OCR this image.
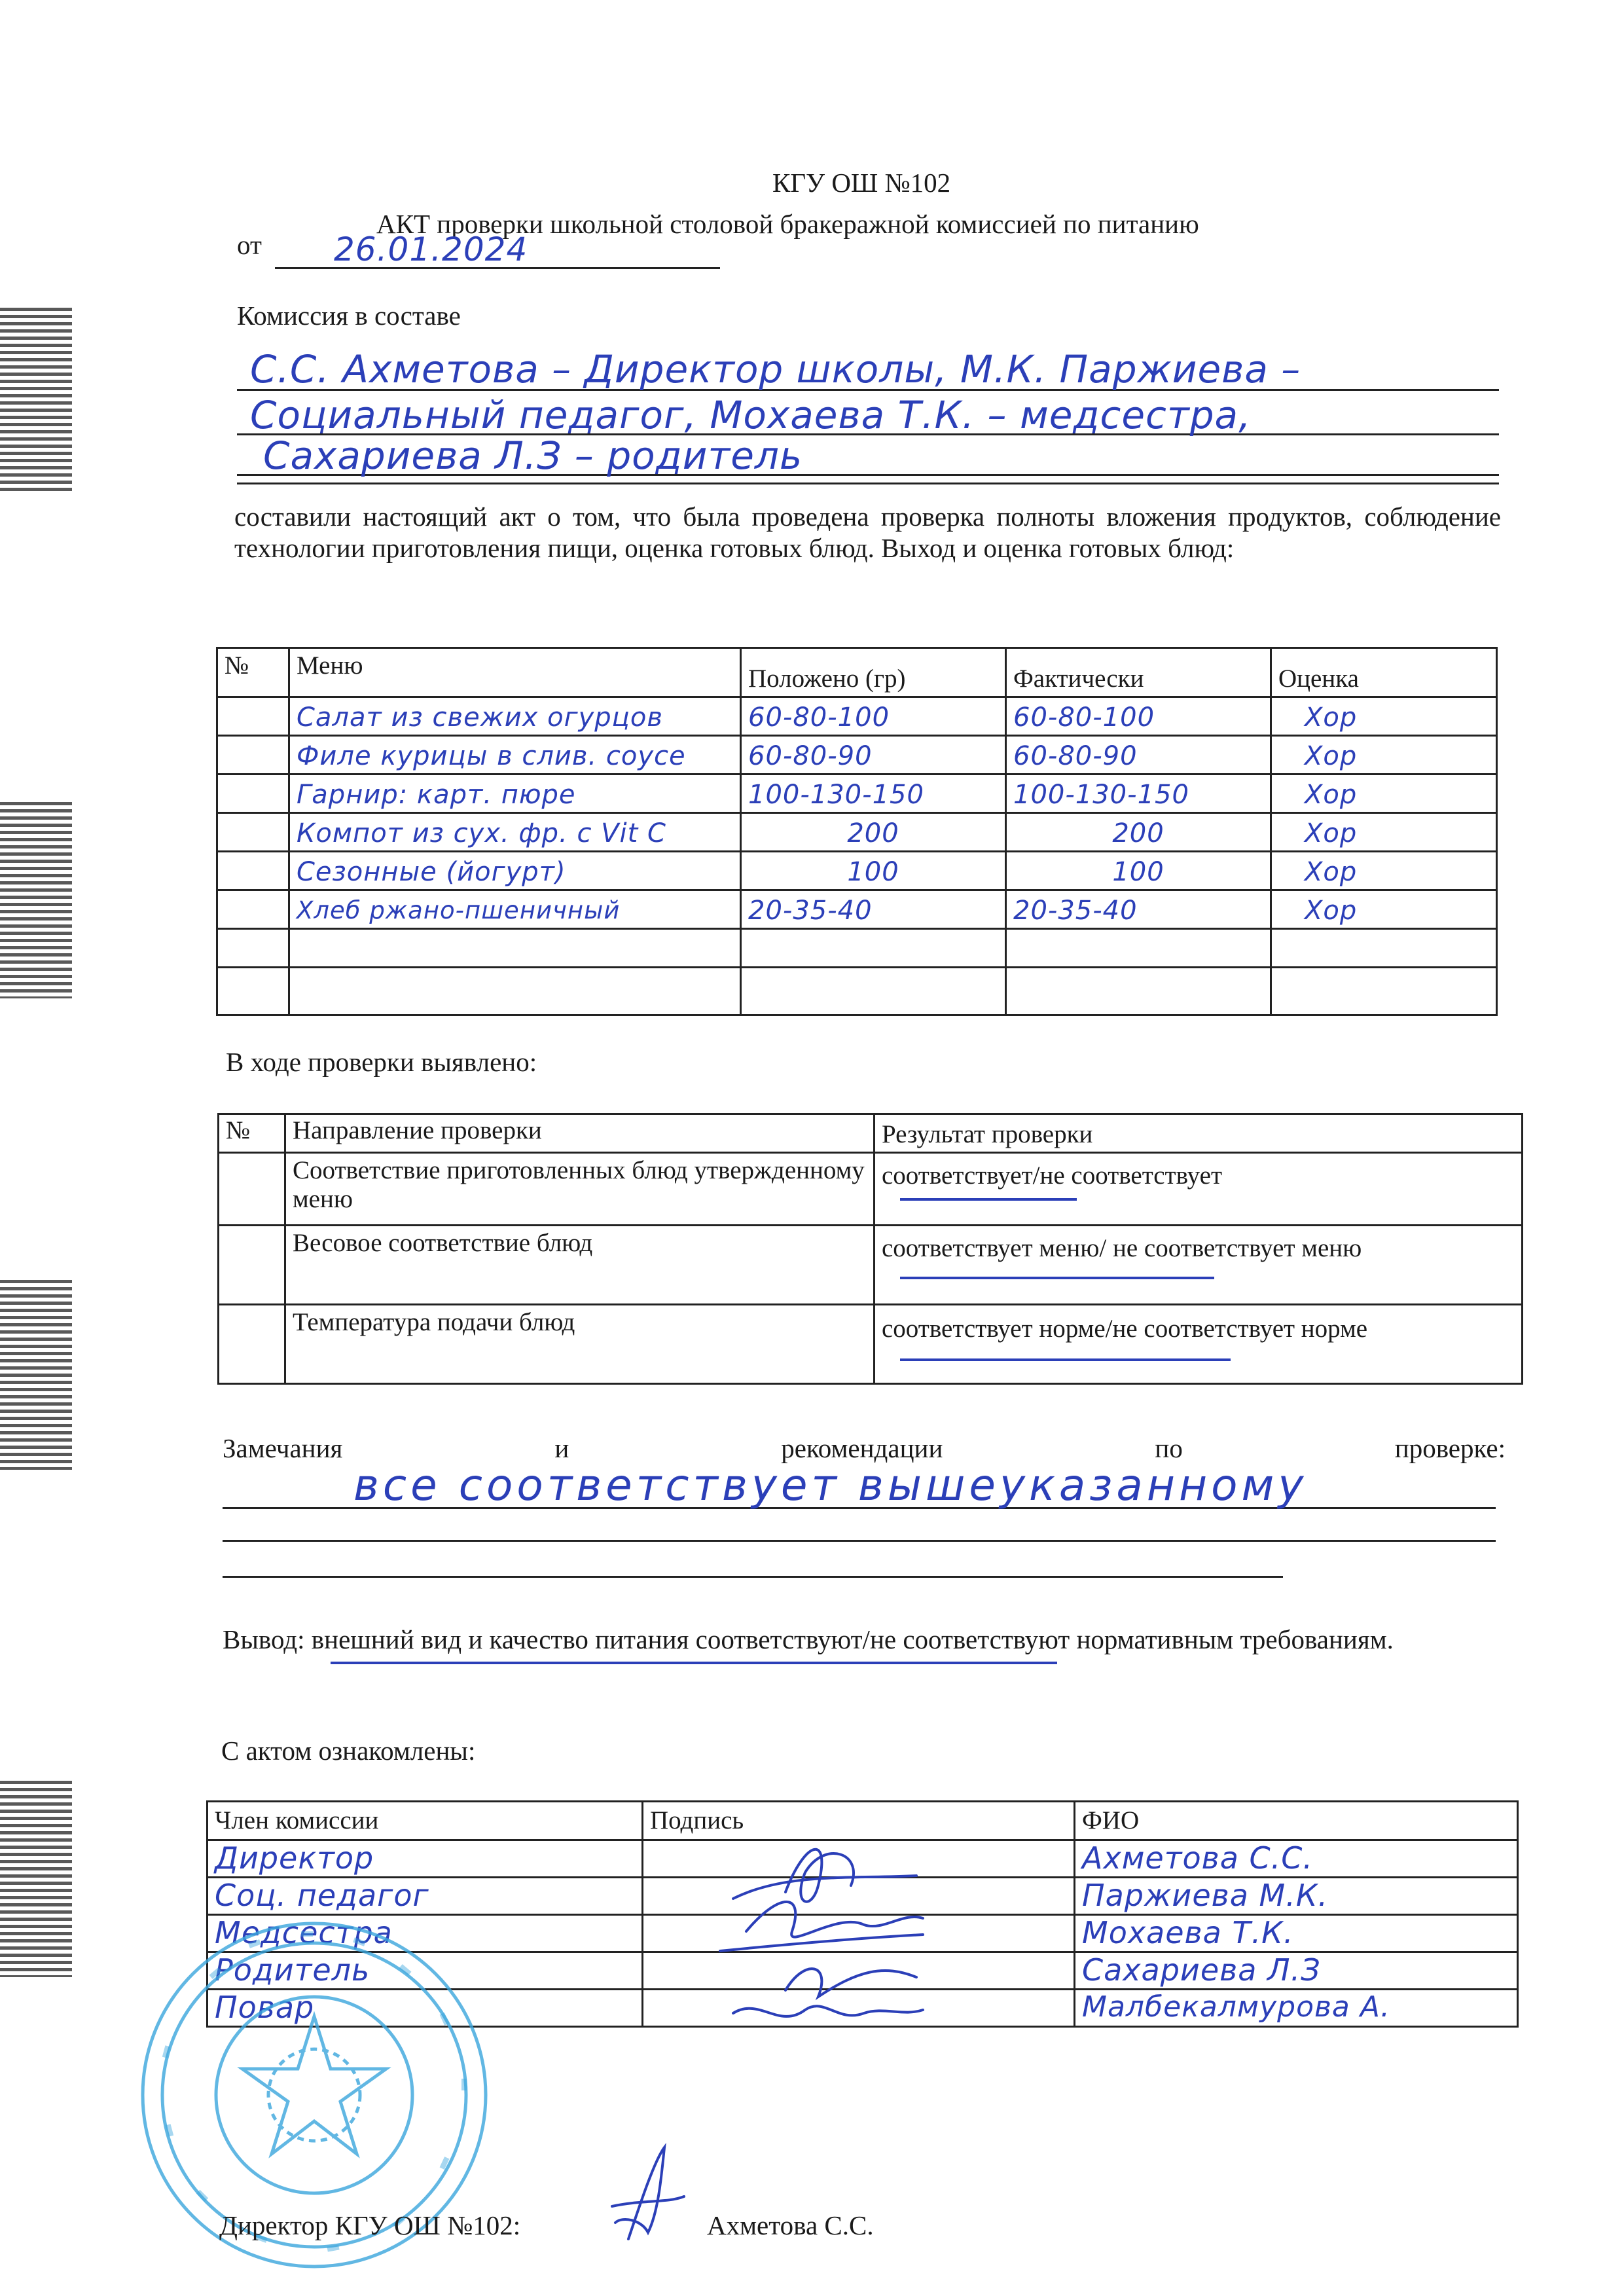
КГУ ОШ №102
АКТ проверки школьной столовой бракеражной комиссией по питанию
от 26.01.2024
Комиссия в составе
С.С. Ахметова – Директор школы, М.К. Паржиева –
Социальный педагог, Мохаева Т.К. – медсестра,
Сахариева Л.З – родитель
составили настоящий акт о том, что была проведена проверка полноты вложения продуктов, соблюдение технологии приготовления пищи, оценка готовых блюд. Выход и оценка готовых блюд:
№	Меню	Положено (гр)	Фактически	Оценка
	Салат из свежих огурцов	60-80-100	60-80-100	Хор
	Филе курицы в слив. соусе	60-80-90	60-80-90	Хор
	Гарнир: карт. пюре	100-130-150	100-130-150	Хор
	Компот из сух. фр. с Vit C	200	200	Хор
	Сезонные (йогурт)	100	100	Хор
	Хлеб ржано-пшеничный	20-35-40	20-35-40	Хор

В ходе проверки выявлено:
№	Направление проверки	Результат проверки
	Соответствие приготовленных блюд утвержденному меню	соответствует/не соответствует
	Весовое соответствие блюд	соответствует меню/ не соответствует меню
	Температура подачи блюд	соответствует норме/не соответствует норме
Замечания	и	рекомендации	по	проверке:
все соответствует вышеуказанному
Вывод: внешний вид и качество питания соответствуют/не соответствуют нормативным требованиям.
С актом ознакомлены:
Член комиссии	Подпись	ФИО
Директор		Ахметова С.С.
Соц. педагог		Паржиева М.К.
Медсестра		Мохаева Т.К.
Родитель		Сахариева Л.З
Повар		Малбекалмурова А.
Директор КГУ ОШ №102:	Ахметова С.С.
